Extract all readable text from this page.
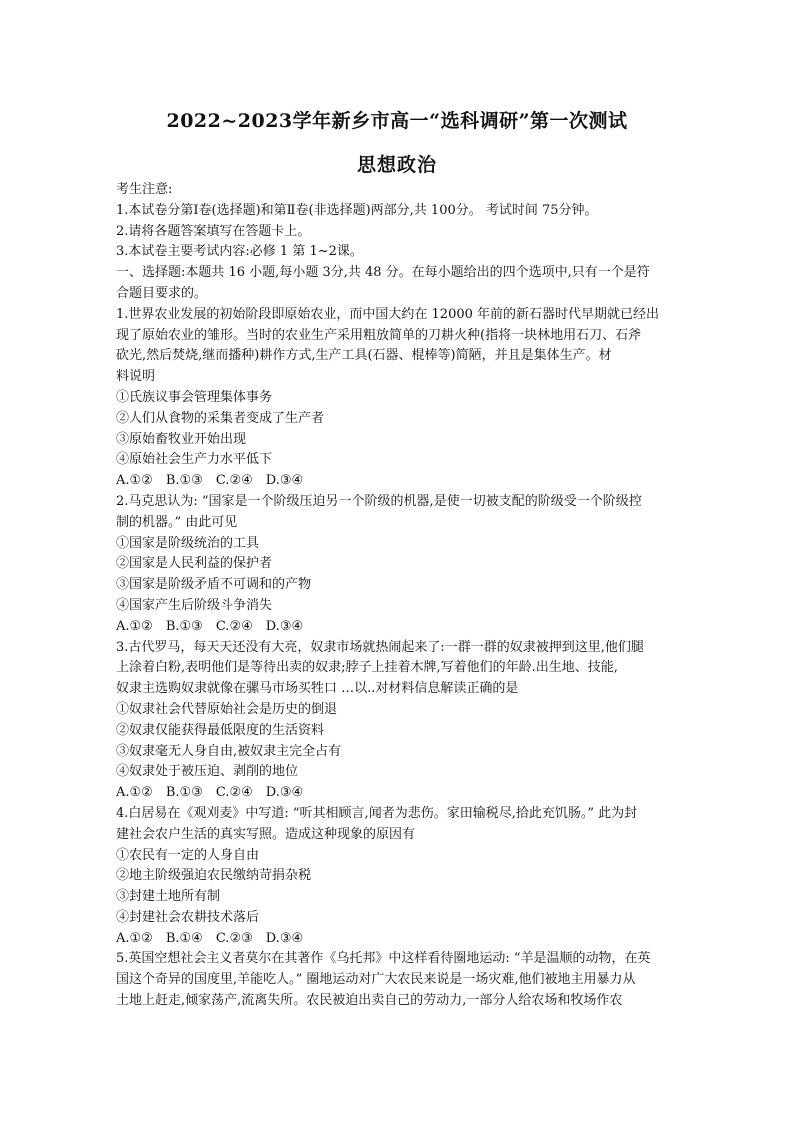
2022~2023学年新乡市高一“选科调研”第一次测试
思想政治

考生注意:

1.本试卷分第Ⅰ卷(选择题)和第Ⅱ卷(非选择题)两部分,共 100分。 考试时间 75分钟。

2.请将各题答案填写在答题卡上。

3.本试卷主要考试内容:必修 1 第 1~2课。

一、选择题:本题共 16 小题,每小题 3分,共 48 分。在每小题给出的四个选项中,只有一个是符

合题目要求的。

1.世界农业发展的初始阶段即原始农业，而中国大约在 12000 年前的新石器时代早期就已经出

现了原始农业的雏形。当时的农业生产采用粗放简单的刀耕火种(指将一块林地用石刀、石斧

砍光,然后焚烧,继而播种)耕作方式,生产工具(石器、棍棒等)简陋，并且是集体生产。材

料说明

①氏族议事会管理集体事务

②人们从食物的采集者变成了生产者

③原始畜牧业开始出现

④原始社会生产力水平低下

A.①②　B.①③　C.②④　D.③④

2.马克思认为: “国家是一个阶级压迫另一个阶级的机器,是使一切被支配的阶级受一个阶级控

制的机器。” 由此可见

①国家是阶级统治的工具

②国家是人民利益的保护者

③国家是阶级矛盾不可调和的产物

④国家产生后阶级斗争消失

A.①②　B.①③　C.②④　D.③④

3.古代罗马，每天天还没有大亮，奴隶市场就热闹起来了:一群一群的奴隶被押到这里,他们腿

上涂着白粉,表明他们是等待出卖的奴隶;脖子上挂着木牌,写着他们的年龄.出生地、技能,

奴隶主选购奴隶就像在骡马市场买牲口 …以..对材料信息解读正确的是

①奴隶社会代替原始社会是历史的倒退

②奴隶仅能获得最低限度的生活资料

③奴隶毫无人身自由,被奴隶主完全占有

④奴隶处于被压迫、剥削的地位

A.①②　B.①③　C.②④　D.③④

4.白居易在《观刈麦》中写道: “听其相顾言,闻者为悲伤。家田输税尽,拾此充饥肠。” 此为封

建社会农户生活的真实写照。造成这种现象的原因有

①农民有一定的人身自由

②地主阶级强迫农民缴纳苛捐杂税

③封建土地所有制

④封建社会农耕技术落后

A.①②　B.①④　C.②③　D.③④

5.英国空想社会主义者莫尔在其著作《乌托邦》中这样看待圈地运动: “羊是温顺的动物，在英

国这个奇异的国度里,羊能吃人。” 圈地运动对广大农民来说是一场灾难,他们被地主用暴力从

土地上赶走,倾家荡产,流离失所。农民被迫出卖自己的劳动力,一部分人给农场和牧场作农
